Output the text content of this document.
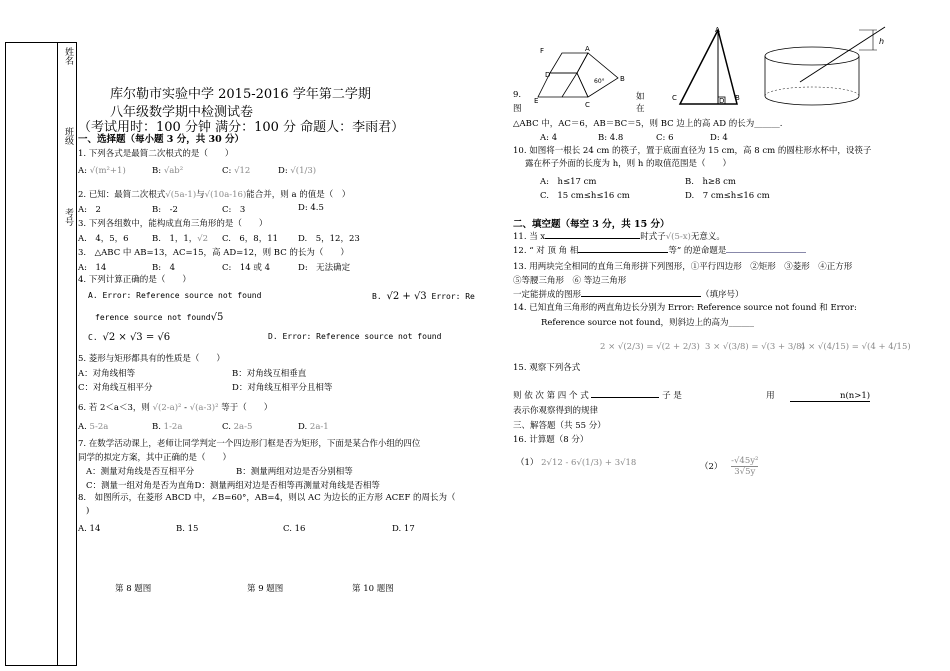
姓名
班级
考号
库尔勒市实验中学 2015-2016 学年第二学期
八年级数学期中检测试卷
（考试用时：100 分钟 满分：100 分 命题人：李雨君）
一、选择题（每小题 3 分，共 30 分）
1. 下列各式是最简二次根式的是（　　）
A: √(m²+1)	B: √ab²	C: √12	D: √(1/3)
2. 已知：最简二次根式√(5a-1)与√(10a-16)能合并，则 a 的值是（　）
A:　2	B:　-2	C:　3	D: 4.5
3. 下列各组数中，能构成直角三角形的是（　　）
A.　4，5，6	B.　1，1，√2 C.　6，8，11 D.　5，12，23
3.　△ABC 中 AB=13，AC=15，高 AD=12，则 BC 的长为（　　）
A:　14	B:　4	C:　14 或 4	D:　无法确定
4. 下列计算正确的是（　　）
A. Error: Reference source not found	B. √2 + √3 Error: Re
ference source not found√5
C. √2 × √3 = √6	D. Error: Reference source not found
5. 菱形与矩形都具有的性质是（　　）
A：对角线相等	B：对角线互相垂直
C：对角线互相平分	D：对角线互相平分且相等
6. 若 2＜a＜3，则 √(2-a)² - √(a-3)² 等于（　　）
A. 5-2a	B. 1-2a	C. 2a-5	D. 2a-1
7. 在数学活动课上，老师让同学判定一个四边形门框是否为矩形，下面是某合作小组的四位
同学的拟定方案，其中正确的是（　　）
A：测量对角线是否互相平分	B：测量两组对边是否分别相等
C：测量一组对角是否为直角D：测量两组对边是否相等再测量对角线是否相等
8.　如图所示，在菱形 ABCD 中，∠B=60°，AB=4，则以 AC 为边长的正方形 ACEF 的周长为（
)
A. 14	B. 15	C. 16	D. 17
第 8 题图	第 9 题图	第 10 题图
F	A
B
C
D
E
60°
A
C	B
D
h
9.
图
如
在
△ABC 中，AC＝6，AB＝BC＝5，则 BC 边上的高 AD 的长为______.
A: 4	B: 4.8	C: 6	D: 4
10. 如图将一根长 24 cm 的筷子，置于底面直径为 15 cm，高 8 cm 的圆柱形水杯中，设筷子
露在杯子外面的长度为 h，则 h 的取值范围是（　　）
A:　h≤17 cm	B.　h≥8 cm
C.　15 cm≤h≤16 cm	D.　7 cm≤h≤16 cm
二、填空题（每空 3 分，共 15 分）
11. 当 x	时式子√(5-x)无意义。
12. “ 对 顶 角 相	等” 的逆命题是
13. 用两块完全相同的直角三角形拼下列图形，①平行四边形　②矩形　③菱形　④正方形
⑤等腰三角形　⑥ 等边三角形
一定能拼成的图形	（填序号）
14. 已知直角三角形的两直角边长分别为 Error: Reference source not found 和 Error:
Reference source not found，则斜边上的高为______
2 × √(2/3) = √(2 + 2/3) 3 × √(3/8) = √(3 + 3/8)
4 × √(4/15) = √(4 + 4/15)
15. 观察下列各式
则 依 次 第 四 个 式	子 是	用	n(n>1)
表示你观察得到的规律
三、解答题（共 55 分）
16. 计算题（8 分）
（1） 2√12 - 6√(1/3) + 3√18	$(2) \frac{\text{-√45y²}}{3√5y}$
